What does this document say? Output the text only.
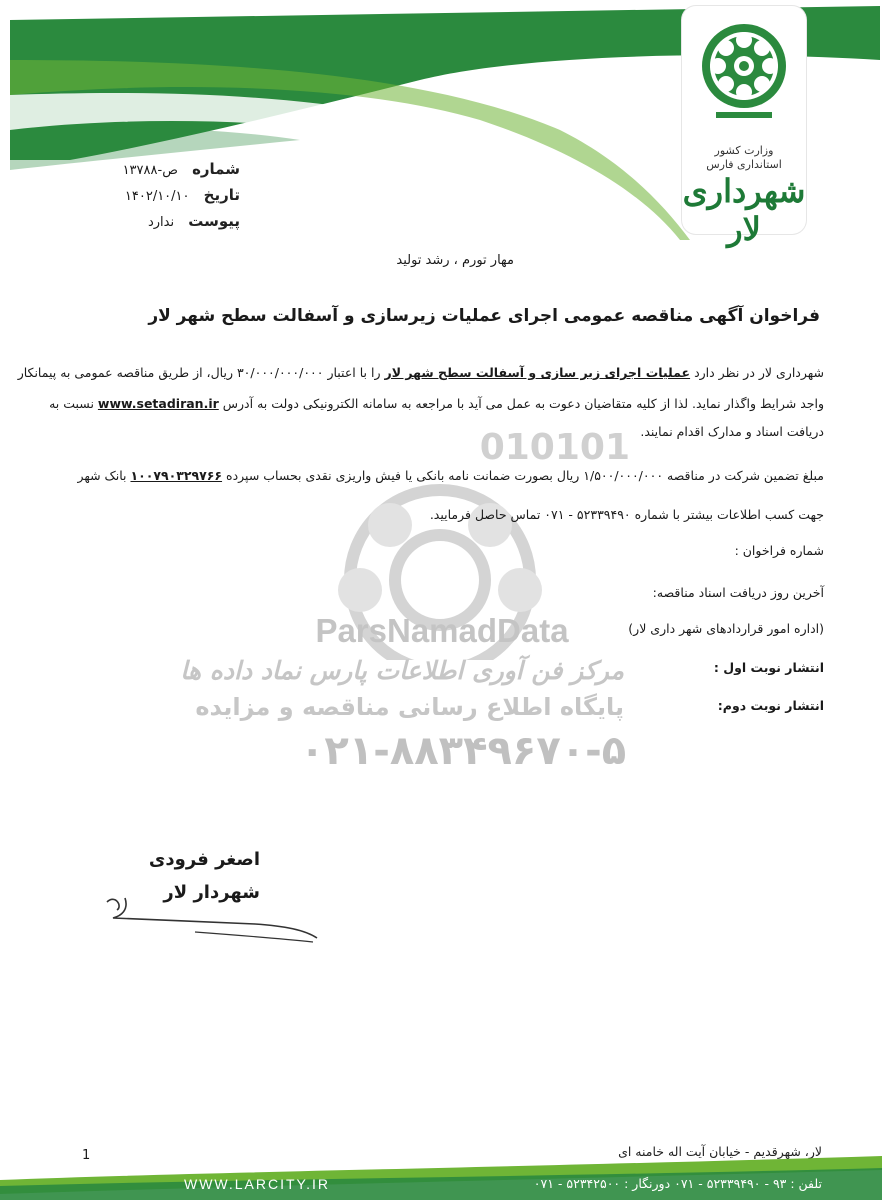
وزارت کشور
استانداری فارس
شهرداری لار
شماره ص-۱۳۷۸۸
تاریخ ۱۴۰۲/۱۰/۱۰
پیوست ندارد
مهار تورم ، رشد تولید
فراخوان آگهی مناقصه عمومی اجرای عملیات زیرسازی و آسفالت سطح شهر لار
010101
ParsNamadData
مرکز فن آوری اطلاعات پارس نماد داده ها
پایگاه اطلاع رسانی مناقصه و مزایده
۰۲۱-۸۸۳۴۹۶۷۰-۵
شهرداری لار در نظر دارد عملیات اجرای زیر سازی و آسفالت سطح شهر لار را با اعتبار ۳۰/۰۰۰/۰۰۰/۰۰۰ ریال، از طریق مناقصه عمومی به پیمانکار
واجد شرایط واگذار نماید. لذا از کلیه متقاضیان دعوت به عمل می آید با مراجعه به سامانه الکترونیکی دولت به آدرس www.setadiran.ir نسبت به
دریافت اسناد و مدارک اقدام نمایند.
مبلغ تضمین شرکت در مناقصه ۱/۵۰۰/۰۰۰/۰۰۰ ریال بصورت ضمانت نامه بانکی یا فیش واریزی نقدی بحساب سپرده ۱۰۰۷۹۰۳۲۹۷۶۶ بانک شهر
جهت کسب اطلاعات بیشتر با شماره ۵۲۳۳۹۴۹۰ - ۰۷۱ تماس حاصل فرمایید.
شماره فراخوان :
آخرین روز دریافت اسناد مناقصه:
(اداره امور قراردادهای شهر داری لار)
انتشار نوبت اول :
انتشار نوبت دوم:
اصغر فرودی
شهردار لار
1	لار، شهرقدیم - خیابان آیت اله خامنه ای
تلفن : ۹۳ - ۵۲۳۳۹۴۹۰ - ۰۷۱ دورنگار : ۵۲۳۴۲۵۰۰ - ۰۷۱
WWW.LARCITY.IR
